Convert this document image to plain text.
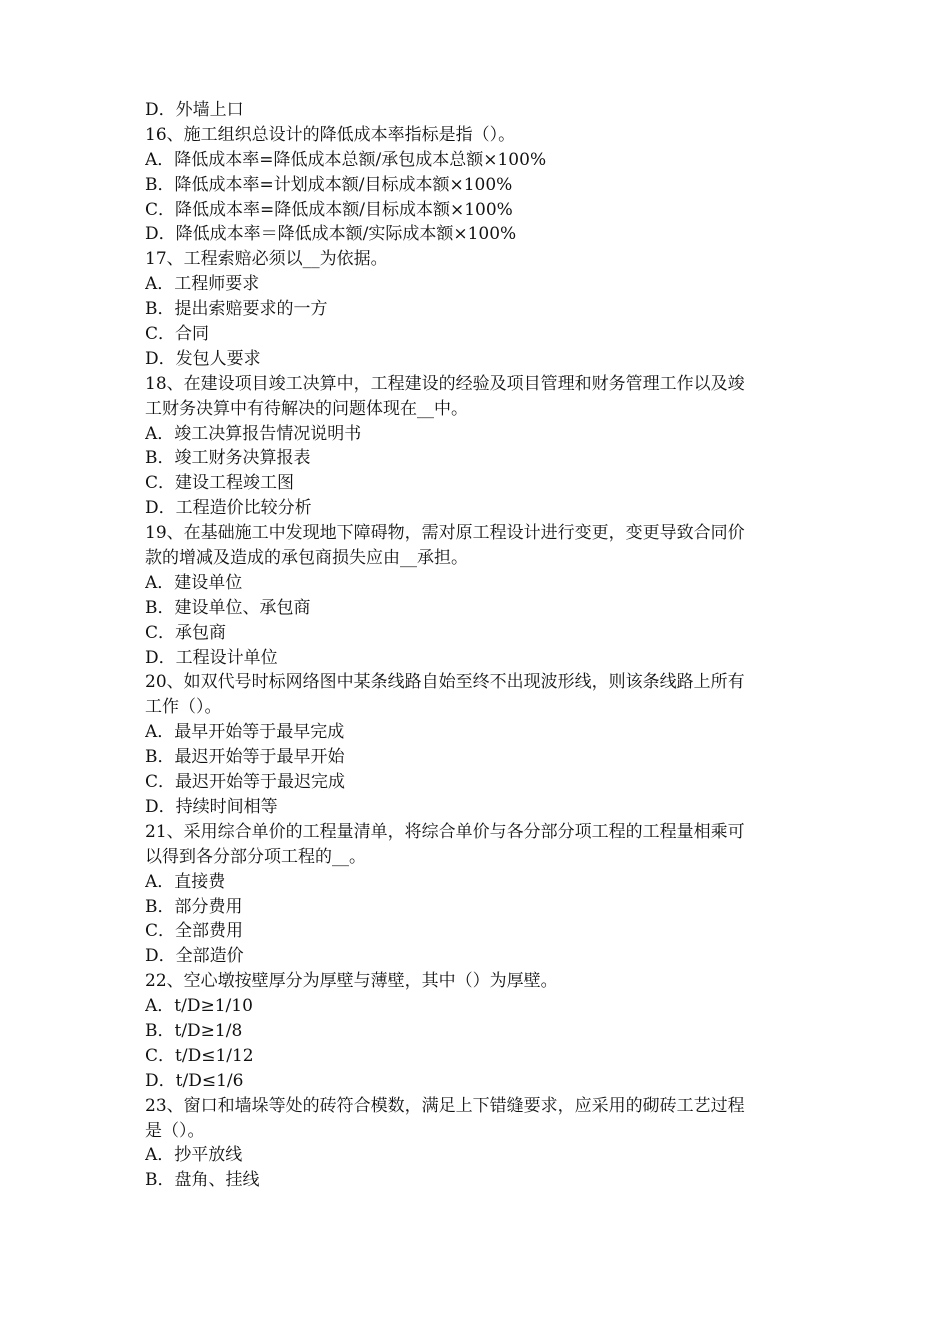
D．外墙上口
16、施工组织总设计的降低成本率指标是指（）。
A．降低成本率=降低成本总额/承包成本总额×100%
B．降低成本率=计划成本额/目标成本额×100%
C．降低成本率=降低成本额/目标成本额×100%
D．降低成本率＝降低成本额/实际成本额×100%
17、工程索赔必须以__为依据。
A．工程师要求
B．提出索赔要求的一方
C．合同
D．发包人要求
18、在建设项目竣工决算中，工程建设的经验及项目管理和财务管理工作以及竣
工财务决算中有待解决的问题体现在__中。
A．竣工决算报告情况说明书
B．竣工财务决算报表
C．建设工程竣工图
D．工程造价比较分析
19、在基础施工中发现地下障碍物，需对原工程设计进行变更，变更导致合同价
款的增减及造成的承包商损失应由__承担。
A．建设单位
B．建设单位、承包商
C．承包商
D．工程设计单位
20、如双代号时标网络图中某条线路自始至终不出现波形线，则该条线路上所有
工作（）。
A．最早开始等于最早完成
B．最迟开始等于最早开始
C．最迟开始等于最迟完成
D．持续时间相等
21、采用综合单价的工程量清单，将综合单价与各分部分项工程的工程量相乘可
以得到各分部分项工程的__。
A．直接费
B．部分费用
C．全部费用
D．全部造价
22、空心墩按壁厚分为厚壁与薄壁，其中（）为厚壁。
A．t/D≥1/10
B．t/D≥1/8
C．t/D≤1/12
D．t/D≤1/6
23、窗口和墙垛等处的砖符合模数，满足上下错缝要求，应采用的砌砖工艺过程
是（）。
A．抄平放线
B．盘角、挂线
